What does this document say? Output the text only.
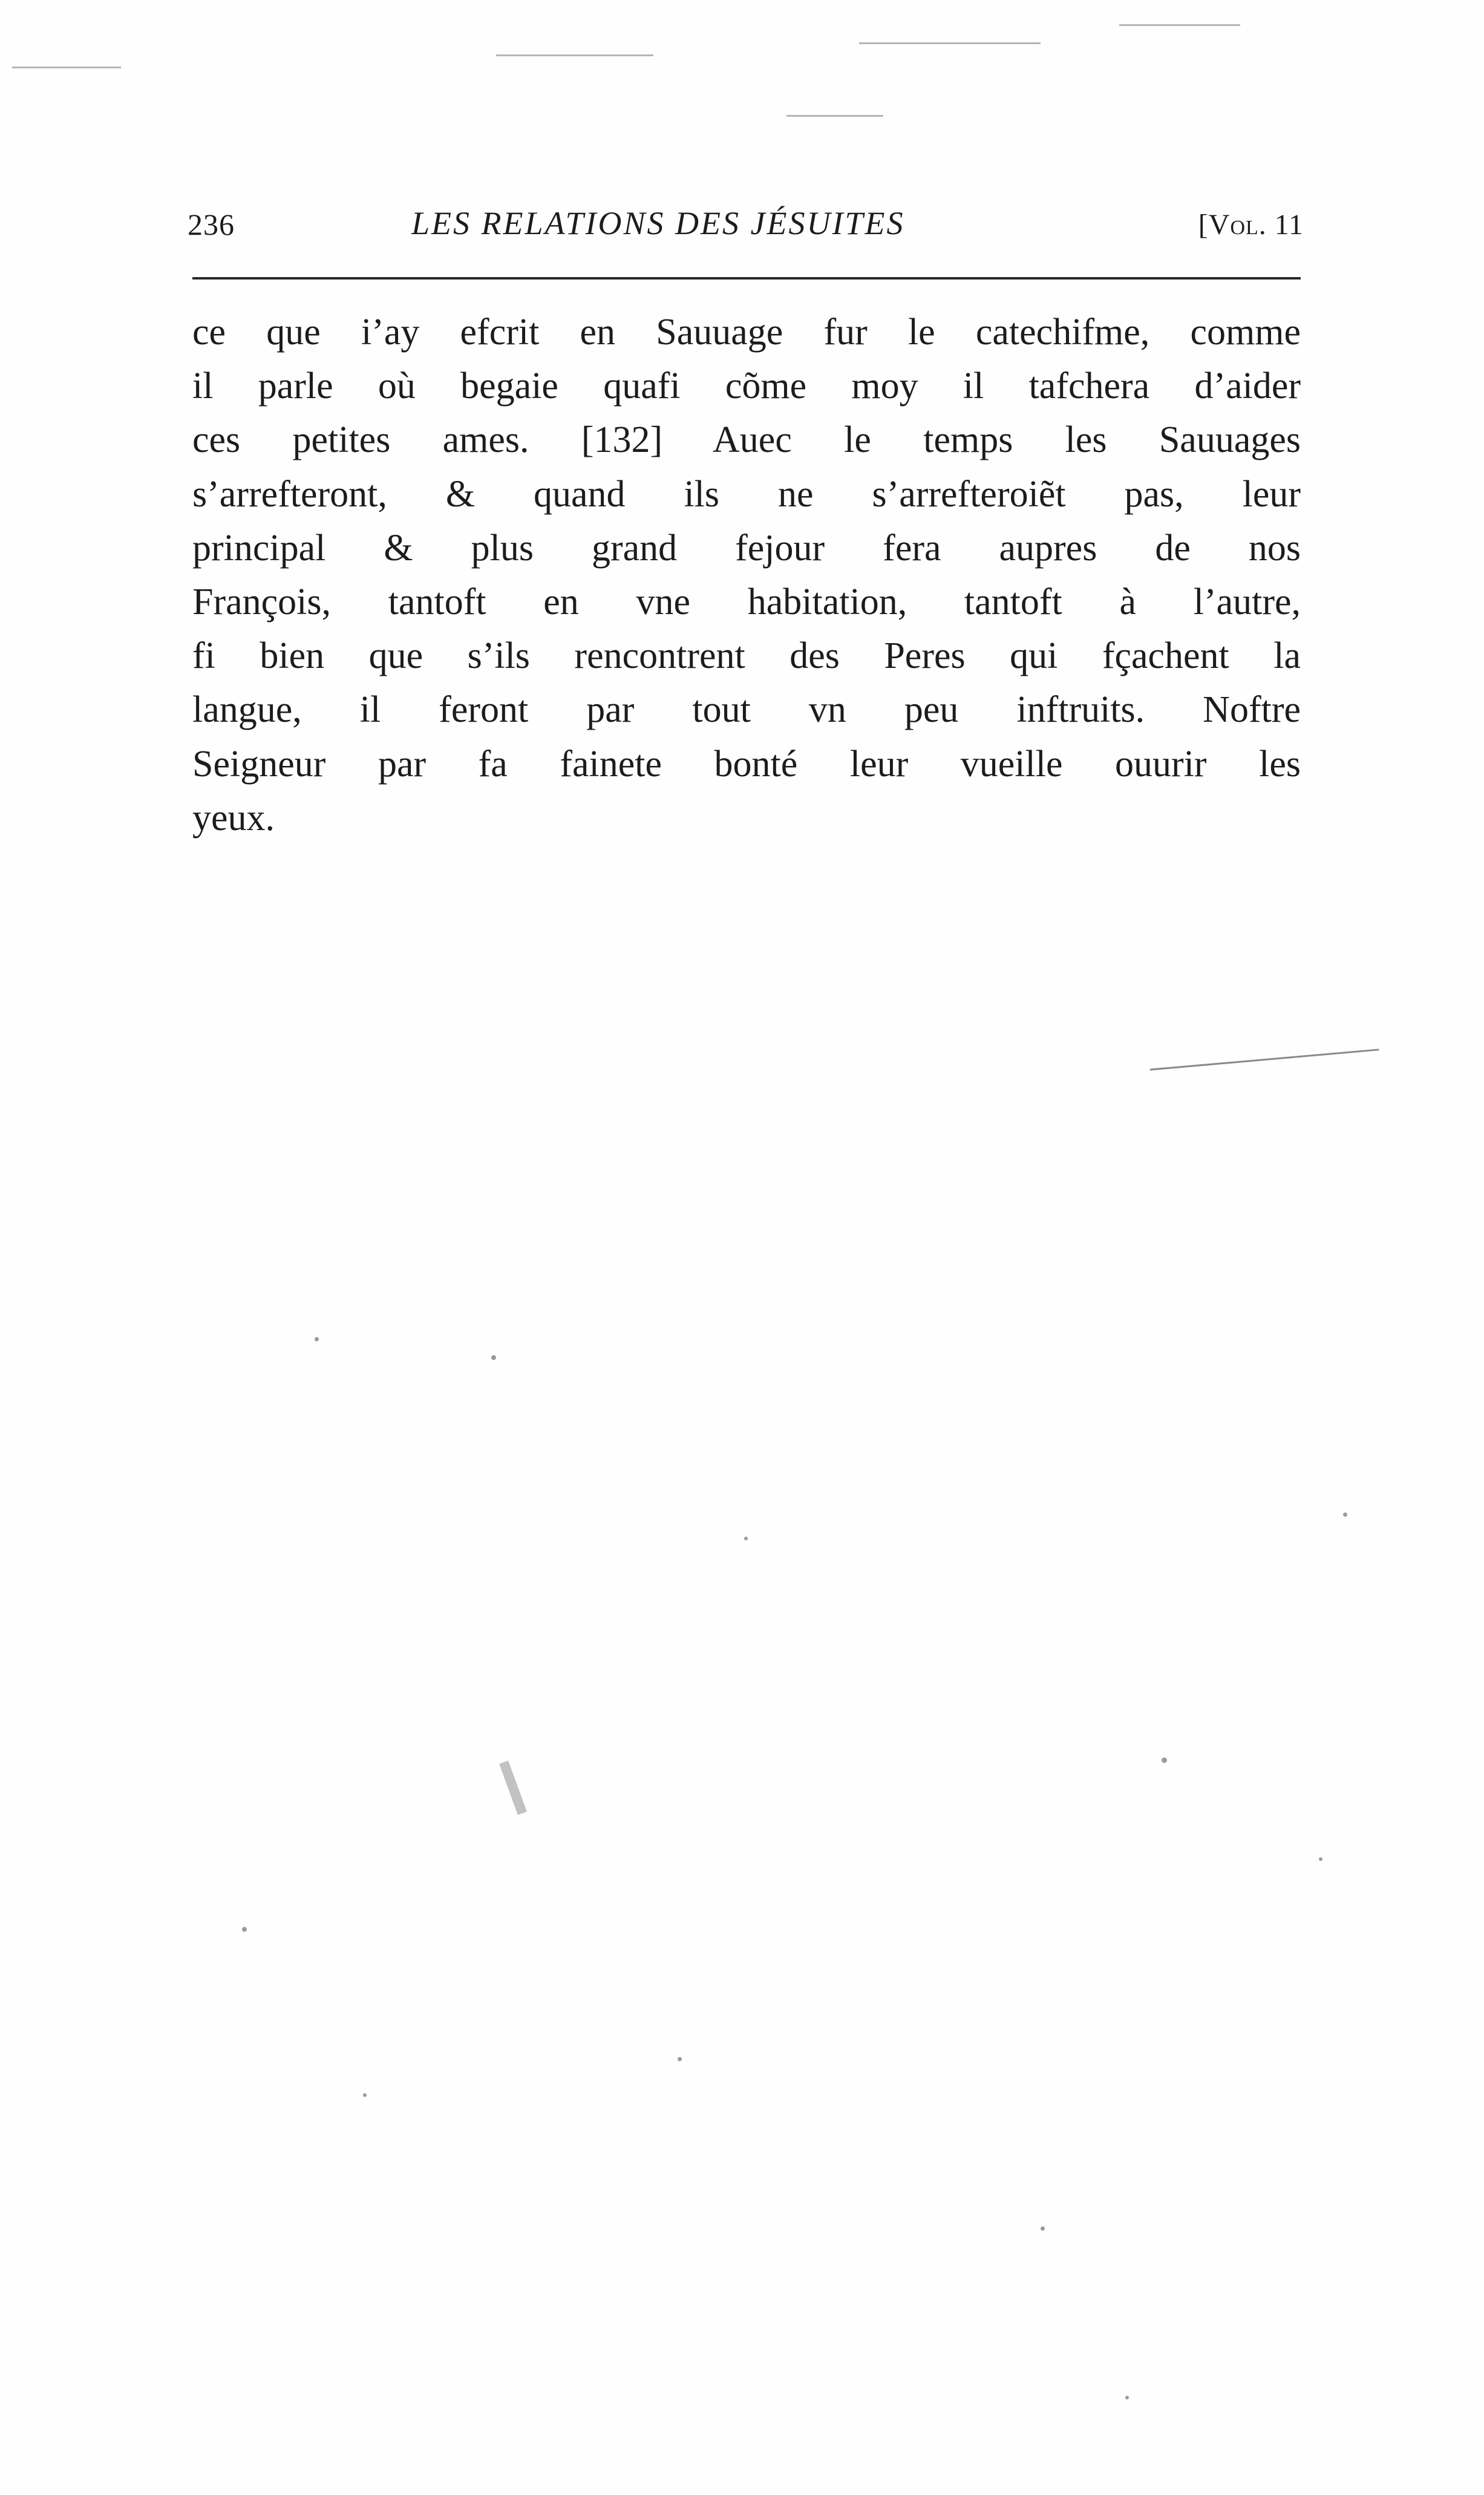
236	LES RELATIONS DES JÉSUITES	[Vol. 11
ce que i’ay efcrit en Sauuage fur le catechifme, comme
il parle où begaie quafi cõme moy il tafchera d’aider
ces petites ames. [132] Auec le temps les Sauuages
s’arrefteront, & quand ils ne s’arrefteroiẽt pas, leur
principal & plus grand fejour fera aupres de nos
François, tantoft en vne habitation, tantoft à l’autre,
fi bien que s’ils rencontrent des Peres qui fçachent la
langue, il feront par tout vn peu inftruits. Noftre
Seigneur par fa fainete bonté leur vueille ouurir les
yeux.
